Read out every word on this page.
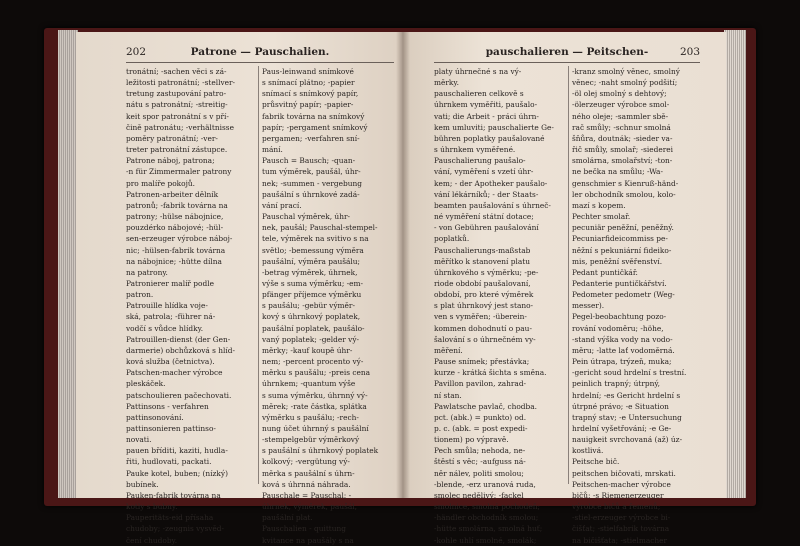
202	Patrone — Pauschalien.
tronátní; -sachen věci s zá-
ležitosti patronátní; -stellver-
tretung zastupování patro-
nátu s patronátní; -streitig-
keit spor patronátní s v pří-
čině patronátu; -verhältnisse
poměry patronátní; -ver-
treter patronátní zástupce.
Patrone náboj, patrona;
-n für Zimmermaler patrony
pro malíře pokojů.
Patronen-arbeiter dělník
patronů; -fabrik továrna na
patrony; -hülse nábojnice,
pouzdérko nábojové; -hül-
sen-erzeuger výrobce náboj-
nic; -hülsen-fabrik továrna
na nábojnice; -hütte dílna
na patrony.
Patronierer malíř podle
patron.
Patrouille hlídka voje-
ská, patrola; -führer ná-
vodčí s vůdce hlídky.
Patrouillen-dienst (der Gen-
darmerie) obchůzková s hlíd-
ková služba (četnictva).
Patschen-macher výrobce
pleskáček.
patschoulieren pačechovati.
Pattinsons - verfahren
pattinsonování.
pattinsonieren pattinso-
novati.
pauen bříditi, kaziti, hudla-
řiti, hudlovati, packati.
Pauke kotel, buben; (nízký)
bubínek.
Pauken-fabrik továrna na
kotly s bubny.
Pauperitäts-eid přísaha
chudoby; -zeugnis vysvěd-
čení chudoby.
Paus-leinwand snímkové
s snímací plátno; -papier
snímací s snímkový papír,
průsvitný papír; -papier-
fabrik továrna na snímkový
papír; -pergament snímkový
pergamen; -verfahren sní-
mání.
Pausch = Bausch; -quan-
tum výměrek, paušál, úhr-
nek; -summen - vergebung
paušální s úhrnkové zadá-
vání prací.
Pauschal výměrek, úhr-
nek, paušál; Pauschal-stempel-
tele, výměrek na svitivo s na
světlo; -bemessung výměra
paušální, výměra paušálu;
-betrag výměrek, úhrnek,
výše s suma výměrku; -em-
pfänger příjemce výměrku
s paušálu; -gebür výměr-
kový s úhrnkový poplatek,
paušální poplatek, paušálo-
vaný poplatek; -gelder vý-
měrky; -kauf koupě úhr-
nem; -percent procento vý-
měrku s paušálu; -preis cena
úhrnkem; -quantum výše
s suma výměrku, úhrnný vý-
měrek; -rate částka, splátka
výměrku s paušálu; -rech-
nung účet úhrnný s paušální
-stempelgebür výměrkový
s paušální s úhrnkový poplatek
kolkový; -vergütung vý-
měrka s paušální s úhrn-
ková s úhrnná náhrada.
Pauschale = Pauschal; -
úhrnek, výměrek, paušál,
paušální plat.
Pauschalien - quittung
kvitance na paušály s na
pauschalieren — Peitschen-	203
platy úhrnečné s na vý-
měrky.
pauschalieren celkově s
úhrnkem vyměřiti, paušalo-
vati; die Arbeit - práci úhrn-
kem umluviti; pauschalierte Ge-
bühren poplatky paušalované
s úhrnkem vyměřené.
Pauschalierung paušalo-
vání, vyměření s vzetí úhr-
kem; - der Apotheker paušalo-
vání lékárníků; - der Staats-
beamten paušalování s úhrneč-
né vyměření státní dotace;
- von Gebühren paušalování
poplatků.
Pauschalierungs-maßstab
měřítko k stanovení platu
úhrnkového s výměrku; -pe-
riode období paušalovaní,
období, pro které výměrek
s plat úhrnkový jest stano-
ven s vyměřen; -überein-
kommen dohodnutí o pau-
šalování s o úhrnečném vy-
měření.
Pause snímek; přestávka;
kurze - krátká šichta s směna.
Pavillon pavilon, zahrad-
ní stan.
Pawlatsche pavlač, chodba.
pct. (abk.) = punkto) od.
p. c. (abk. = post expedi-
tionem) po výpravě.
Pech smůla; nehoda, ne-
štěstí s věc; -aufguss ná-
něr nálev, politi smolou;
-blende, -erz uranová ruda,
smolec nedělivý; -fackel
smolnice, smolná pochodeň;
-händler obchodník smolou;
-hütte smolárna, smolná huť;
-kohle uhlí smolné, smolák;
-kranz smolný věnec, smolný
věnec; -naht smolný podšití;
-öl olej smolný s dehtový;
-ölerzeuger výrobce smol-
ného oleje; -sammler sbě-
rač smůly; -schnur smolná
šňůra, doutnák; -sieder va-
řič smůly, smolař; -siederei
smolárna, smolařství; -ton-
ne bečka na smůlu; -Wa-
genschmier s Kienruß-händ-
ler obchodník smolou, kolo-
mazí s kopem.
Pechter smolař.
pecuniär peněžní, peněžný.
Pecuniarfideicommiss pe-
něžní s pekuniární fideiko-
mis, peněžní svěřenství.
Pedant puntičkář.
Pedanterie puntičkářství.
Pedometer pedometr (Weg-
messer).
Pegel-beobachtung pozo-
rování vodoměru; -höhe,
-stand výška vody na vodo-
měru; -latte lať vodoměrná.
Pein útrapa, trýzeň, muka;
-gericht soud hrdelní s trestní.
peinlich trapný; útrpný,
hrdelní; -es Gericht hrdelní s
útrpné právo; -e Situation
trapný stav; -e Untersuchung
hrdelní vyšetřování; -e Ge-
nauigkeit svrchovaná (až) úz-
kostlivá.
Peitsche bič.
peitschen bičovati, mrskati.
Peitschen-macher výrobce
bičů; -s Riemenerzeuger
výrobce bičů a řemenů;
-stiel-erzeuger výrobce bi-
čišťat; -stielfabrik továrna
na bičišťata; -stielmacher
